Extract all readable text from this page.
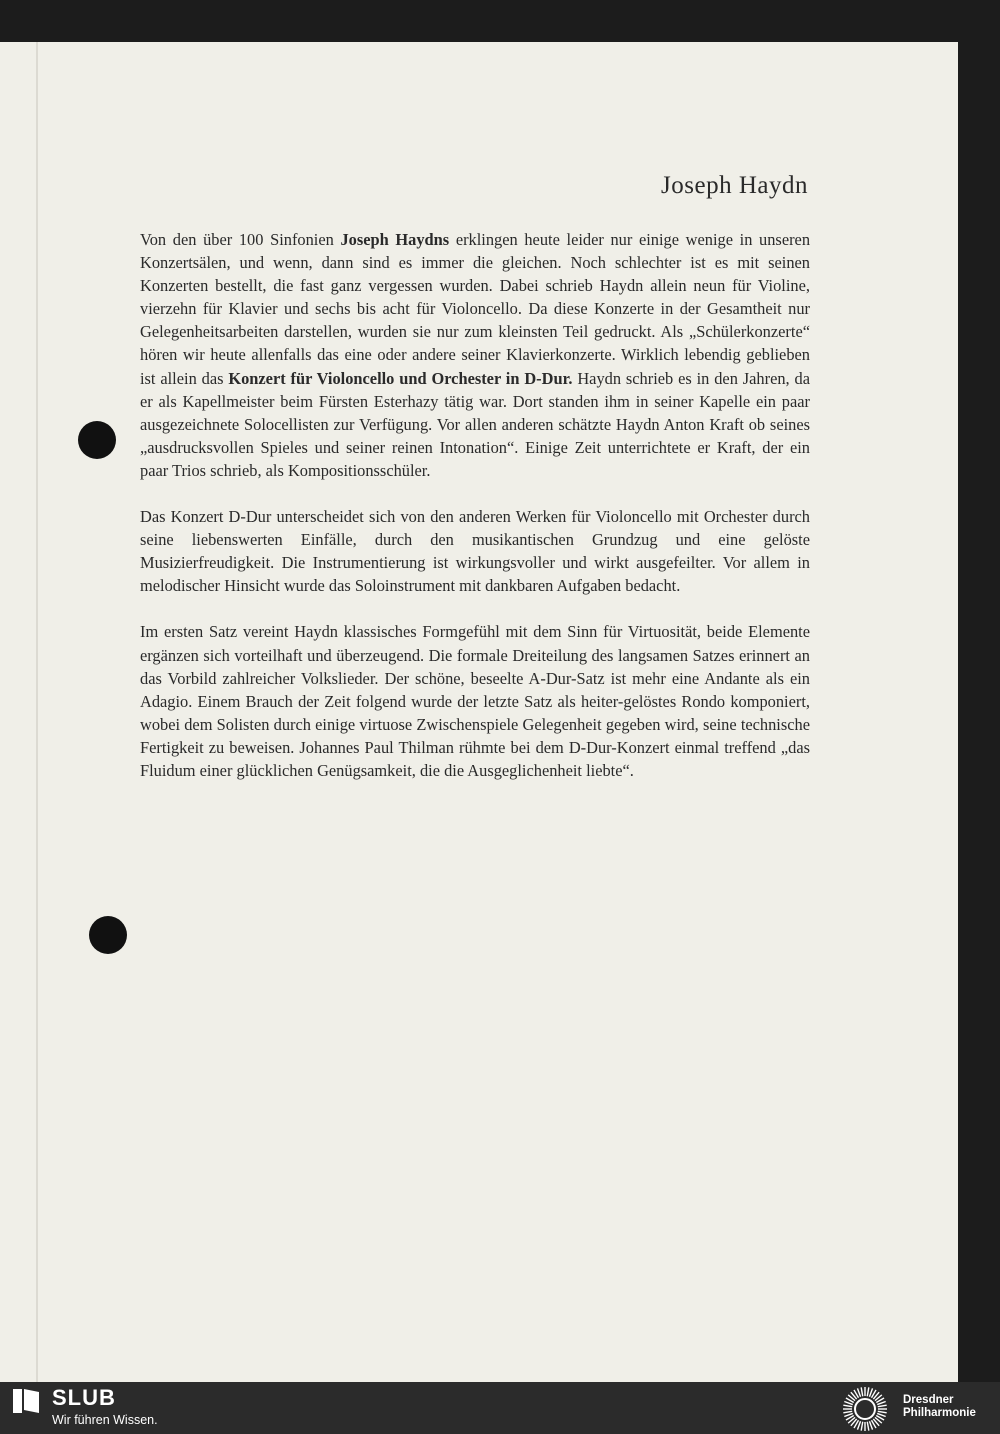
Joseph Haydn

Von den über 100 Sinfonien Joseph Haydns erklingen heute leider nur einige wenige in unseren Konzertsälen, und wenn, dann sind es immer die gleichen. Noch schlechter ist es mit seinen Konzerten bestellt, die fast ganz vergessen wurden. Dabei schrieb Haydn allein neun für Violine, vierzehn für Klavier und sechs bis acht für Violoncello. Da diese Konzerte in der Gesamtheit nur Gelegenheitsarbeiten darstellen, wurden sie nur zum kleinsten Teil gedruckt. Als „Schülerkonzerte“ hören wir heute allenfalls das eine oder andere seiner Klavierkonzerte. Wirklich lebendig geblieben ist allein das Konzert für Violoncello und Orchester in D-Dur. Haydn schrieb es in den Jahren, da er als Kapellmeister beim Fürsten Esterhazy tätig war. Dort standen ihm in seiner Kapelle ein paar ausgezeichnete Solocellisten zur Verfügung. Vor allen anderen schätzte Haydn Anton Kraft ob seines „ausdrucksvollen Spieles und seiner reinen Intonation“. Einige Zeit unterrichtete er Kraft, der ein paar Trios schrieb, als Kompositionsschüler.

Das Konzert D-Dur unterscheidet sich von den anderen Werken für Violoncello mit Orchester durch seine liebenswerten Einfälle, durch den musikantischen Grundzug und eine gelöste Musizierfreudigkeit. Die Instrumentierung ist wirkungsvoller und wirkt ausgefeilter. Vor allem in melodischer Hinsicht wurde das Soloinstrument mit dankbaren Aufgaben bedacht.

Im ersten Satz vereint Haydn klassisches Formgefühl mit dem Sinn für Virtuosität, beide Elemente ergänzen sich vorteilhaft und überzeugend. Die formale Dreiteilung des langsamen Satzes erinnert an das Vorbild zahlreicher Volkslieder. Der schöne, beseelte A-Dur-Satz ist mehr eine Andante als ein Adagio. Einem Brauch der Zeit folgend wurde der letzte Satz als heiter-gelöstes Rondo komponiert, wobei dem Solisten durch einige virtuose Zwischenspiele Gelegenheit gegeben wird, seine technische Fertigkeit zu beweisen. Johannes Paul Thilman rühmte bei dem D-Dur-Konzert einmal treffend „das Fluidum einer glücklichen Genügsamkeit, die die Ausgeglichenheit liebte“.

SLUB
Wir führen Wissen.
Dresdner
Philharmonie
